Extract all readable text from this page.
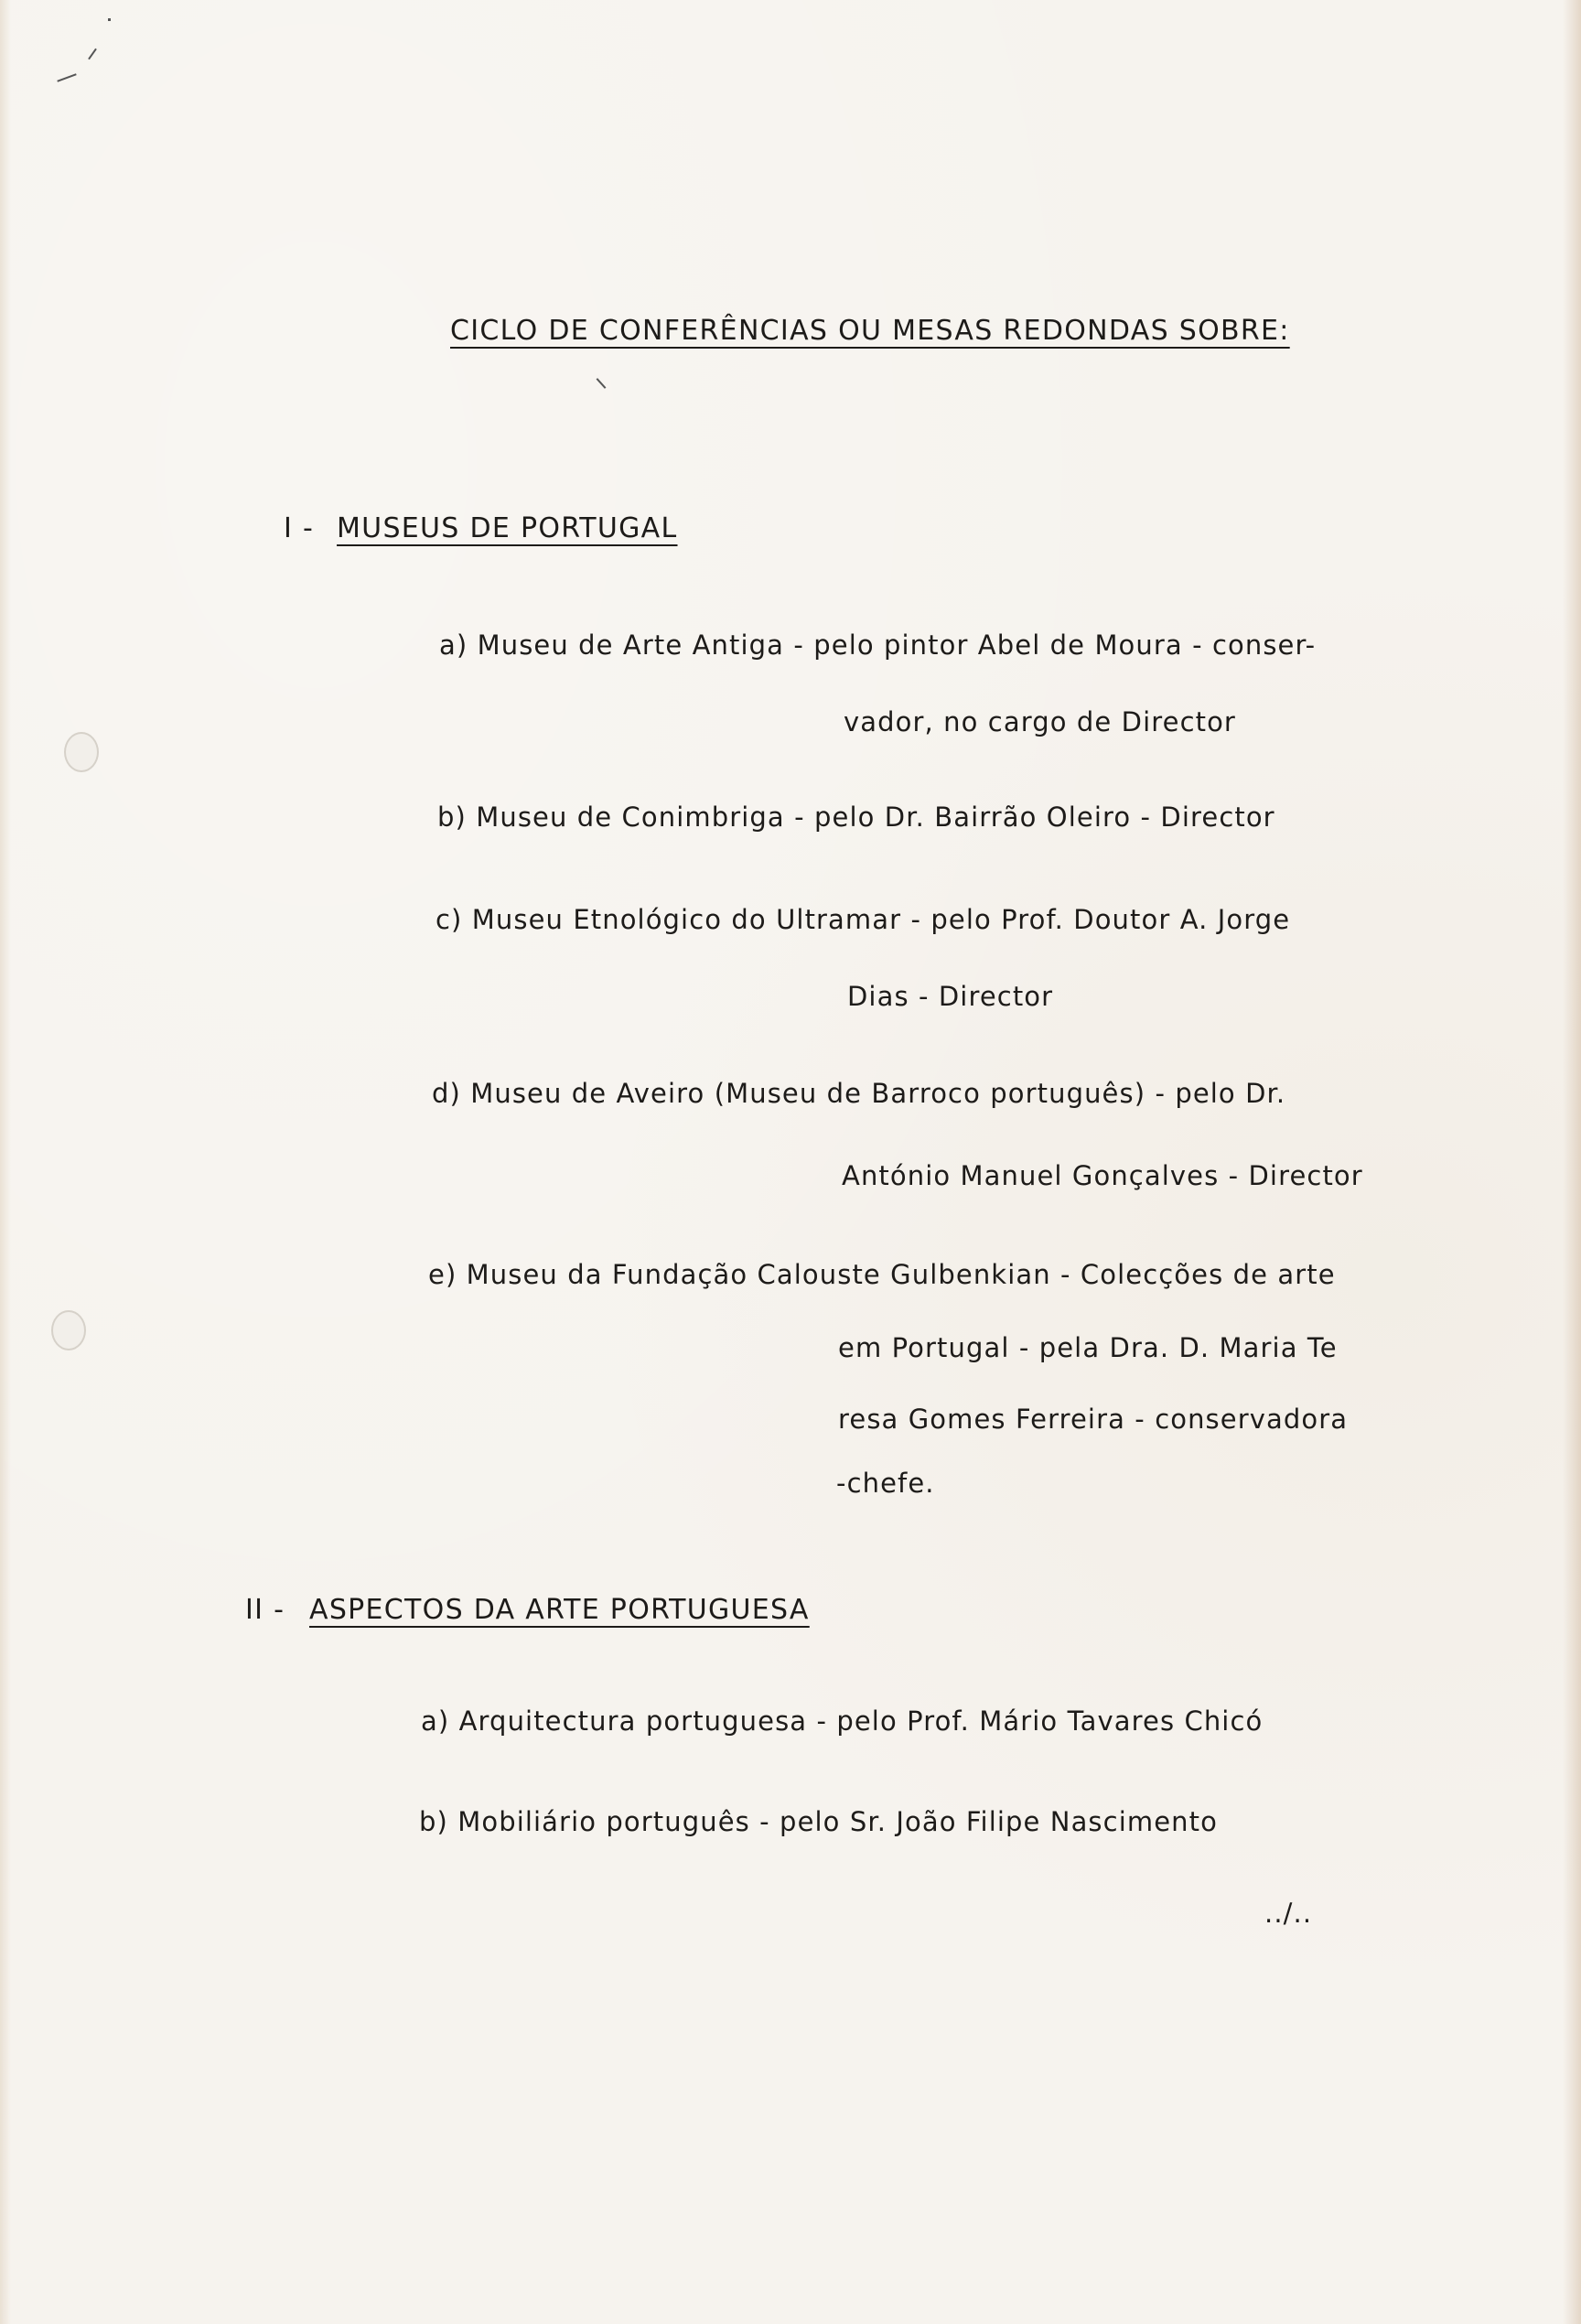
CICLO DE CONFERÊNCIAS OU MESAS REDONDAS SOBRE:
I - MUSEUS DE PORTUGAL
a) Museu de Arte Antiga - pelo pintor Abel de Moura - conser-
vador, no cargo de Director
b) Museu de Conimbriga - pelo Dr. Bairrão Oleiro - Director
c) Museu Etnológico do Ultramar - pelo Prof. Doutor A. Jorge
Dias - Director
d) Museu de Aveiro (Museu de Barroco português) - pelo Dr.
António Manuel Gonçalves - Director
e) Museu da Fundação Calouste Gulbenkian - Colecções de arte
em Portugal - pela Dra. D. Maria Te
resa Gomes Ferreira - conservadora
-chefe.
II - ASPECTOS DA ARTE PORTUGUESA
a) Arquitectura portuguesa - pelo Prof. Mário Tavares Chicó
b) Mobiliário português - pelo Sr. João Filipe Nascimento
../..
